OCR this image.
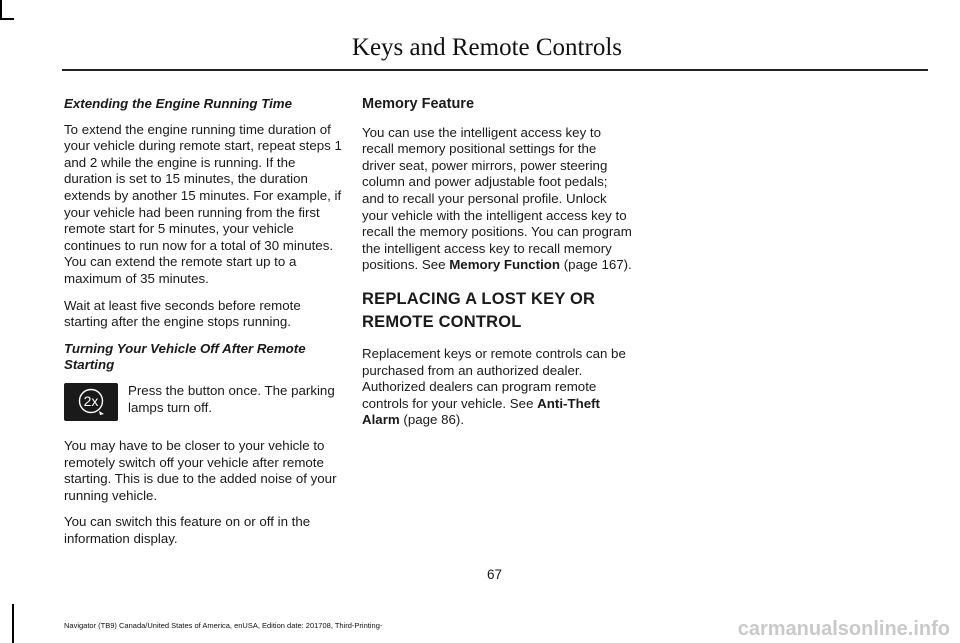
Keys and Remote Controls

Extending the Engine Running Time

To extend the engine running time duration of your vehicle during remote start, repeat steps 1 and 2 while the engine is running. If the duration is set to 15 minutes, the duration extends by another 15 minutes. For example, if your vehicle had been running from the first remote start for 5 minutes, your vehicle continues to run now for a total of 30 minutes. You can extend the remote start up to a maximum of 35 minutes.

Wait at least five seconds before remote starting after the engine stops running.

Turning Your Vehicle Off After Remote Starting

2x

Press the button once. The parking lamps turn off.

You may have to be closer to your vehicle to remotely switch off your vehicle after remote starting. This is due to the added noise of your running vehicle.

You can switch this feature on or off in the information display.

Memory Feature

You can use the intelligent access key to recall memory positional settings for the driver seat, power mirrors, power steering column and power adjustable foot pedals; and to recall your personal profile. Unlock your vehicle with the intelligent access key to recall the memory positions. You can program the intelligent access key to recall memory positions. See Memory Function (page 167).

REPLACING A LOST KEY OR
REMOTE CONTROL

Replacement keys or remote controls can be purchased from an authorized dealer. Authorized dealers can program remote controls for your vehicle. See Anti-Theft Alarm (page 86).

67
Navigator (TB9) Canada/United States of America, enUSA, Edition date: 201708, Third-Printing-	carmanualsonline.info
